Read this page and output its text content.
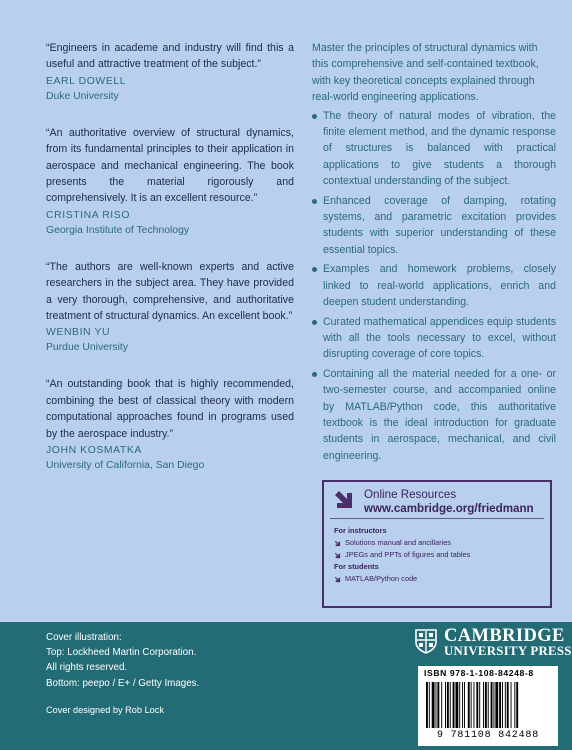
“Engineers in academe and industry will find this a useful and attractive treatment of the subject.”

EARL DOWELL
Duke University

“An authoritative overview of structural dynamics, from its fundamental principles to their application in aerospace and mechanical engineering. The book presents the material rigorously and comprehensively. It is an excellent resource.”

CRISTINA RISO
Georgia Institute of Technology

“The authors are well-known experts and active researchers in the subject area. They have provided a very thorough, comprehensive, and authoritative treatment of structural dynamics. An excellent book.”

WENBIN YU
Purdue University

“An outstanding book that is highly recommended, combining the best of classical theory with modern computational approaches found in programs used by the aerospace industry.”

JOHN KOSMATKA
University of California, San Diego

Master the principles of structural dynamics with this comprehensive and self-contained textbook, with key theoretical concepts explained through real-world engineering applications.

The theory of natural modes of vibration, the finite element method, and the dynamic response of structures is balanced with practical applications to give students a thorough contextual understanding of the subject.
Enhanced coverage of damping, rotating systems, and parametric excitation provides students with superior understanding of these essential topics.
Examples and homework problems, closely linked to real-world applications, enrich and deepen student understanding.
Curated mathematical appendices equip students with all the tools necessary to excel, without disrupting coverage of core topics.
Containing all the material needed for a one- or two-semester course, and accompanied online by MATLAB/Python code, this authoritative textbook is the ideal introduction for graduate students in aerospace, mechanical, and civil engineering.
Online Resources
www.cambridge.org/friedmann
For instructors
Solutions manual and ancillaries
JPEGs and PPTs of figures and tables
For students
MATLAB/Python code
Cover illustration:
Top: Lockheed Martin Corporation.
All rights reserved.
Bottom: peepo / E+ / Getty Images.
Cover designed by Rob Lock
CAMBRIDGE
UNIVERSITY PRESS
ISBN 978-1-108-84248-8
9 781108 842488
